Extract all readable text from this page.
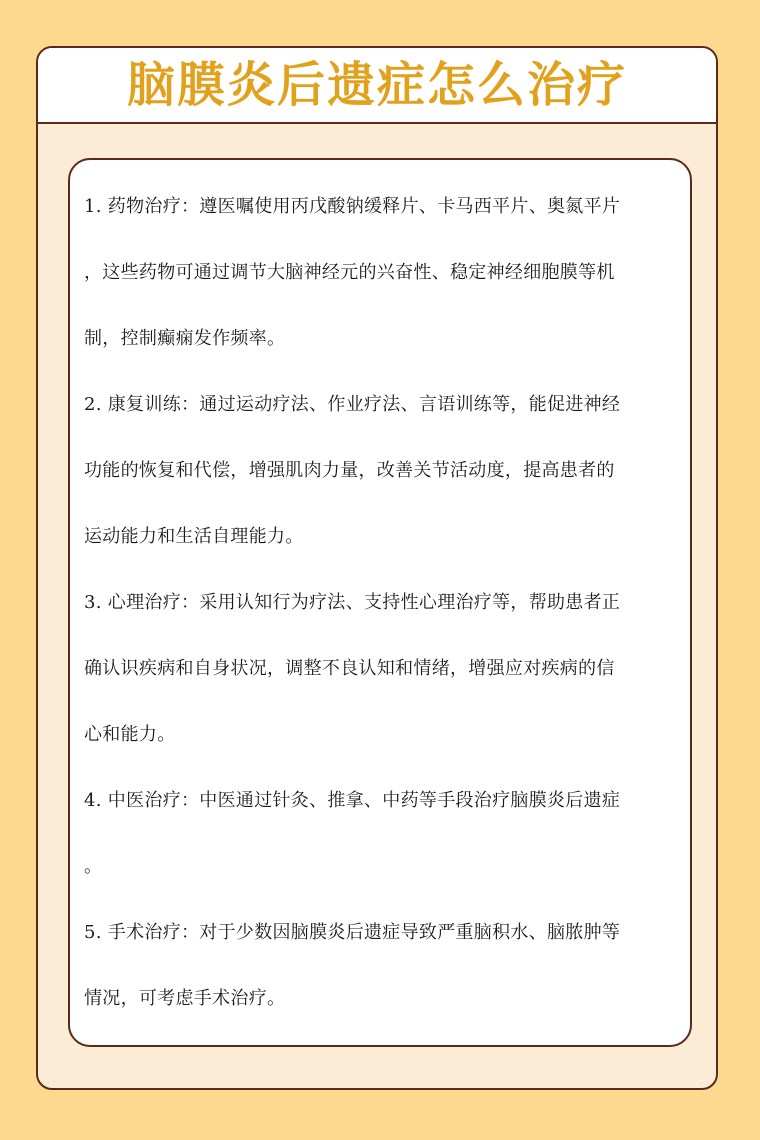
脑膜炎后遗症怎么治疗
1. 药物治疗：遵医嘱使用丙戊酸钠缓释片、卡马西平片、奥氮平片
，这些药物可通过调节大脑神经元的兴奋性、稳定神经细胞膜等机
制，控制癫痫发作频率。
2. 康复训练：通过运动疗法、作业疗法、言语训练等，能促进神经
功能的恢复和代偿，增强肌肉力量，改善关节活动度，提高患者的
运动能力和生活自理能力。
3. 心理治疗：采用认知行为疗法、支持性心理治疗等，帮助患者正
确认识疾病和自身状况，调整不良认知和情绪，增强应对疾病的信
心和能力。
4. 中医治疗：中医通过针灸、推拿、中药等手段治疗脑膜炎后遗症
。
5. 手术治疗：对于少数因脑膜炎后遗症导致严重脑积水、脑脓肿等
情况，可考虑手术治疗。
